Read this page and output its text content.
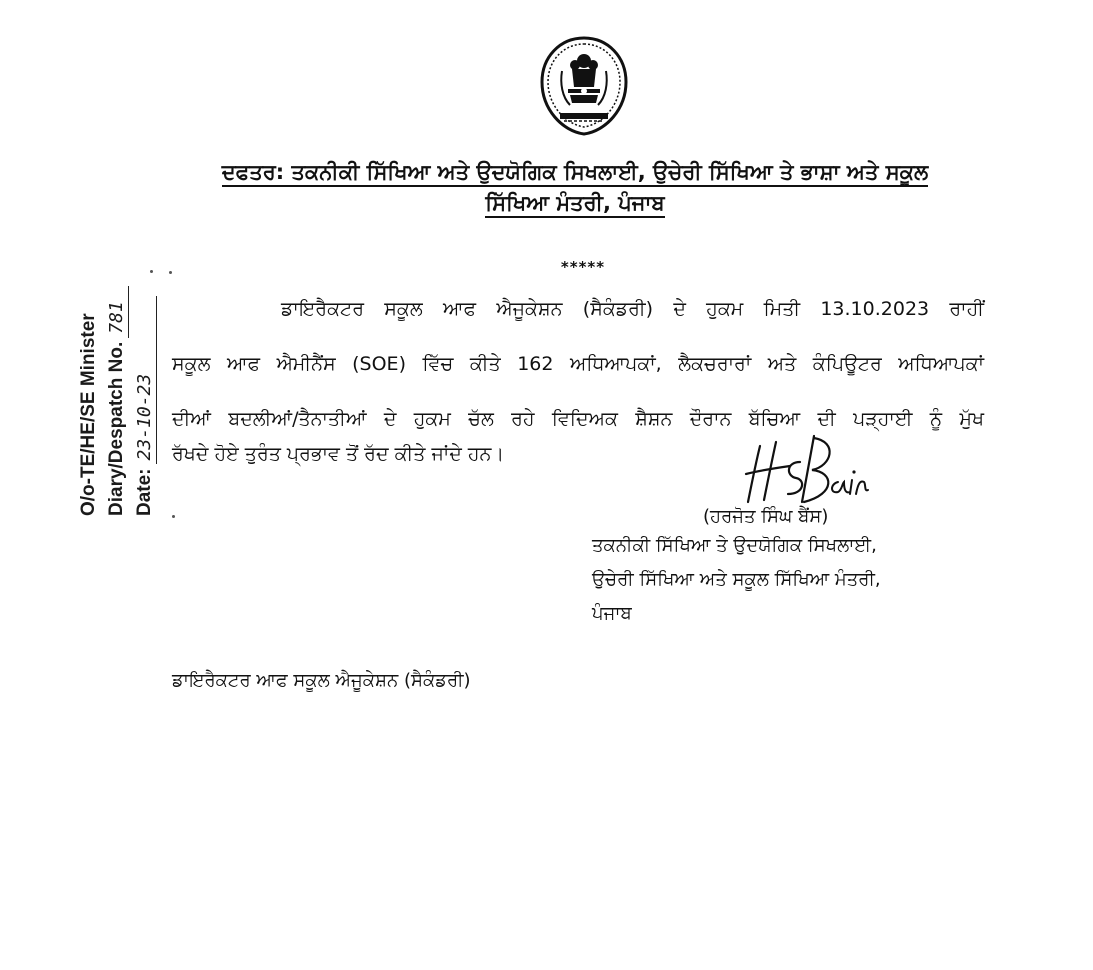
ਦਫਤਰ: ਤਕਨੀਕੀ ਸਿੱਖਿਆ ਅਤੇ ਉਦਯੋਗਿਕ ਸਿਖਲਾਈ, ਉਚੇਰੀ ਸਿੱਖਿਆ ਤੇ ਭਾਸ਼ਾ ਅਤੇ ਸਕੂਲ
ਸਿੱਖਿਆ ਮੰਤਰੀ, ਪੰਜਾਬ
*****
O/o-TE/HE/SE Minister Diary/Despatch No.781
Date:23-10-23
ਡਾਇਰੈਕਟਰ ਸਕੂਲ ਆਫ ਐਜੂਕੇਸ਼ਨ (ਸੈਕੰਡਰੀ) ਦੇ ਹੁਕਮ ਮਿਤੀ 13.10.2023 ਰਾਹੀਂ
ਸਕੂਲ ਆਫ ਐਮੀਨੈਂਸ (SOE) ਵਿੱਚ ਕੀਤੇ 162 ਅਧਿਆਪਕਾਂ, ਲੈਕਚਰਾਰਾਂ ਅਤੇ ਕੰਪਿਊਟਰ ਅਧਿਆਪਕਾਂ
ਦੀਆਂ ਬਦਲੀਆਂ/ਤੈਨਾਤੀਆਂ ਦੇ ਹੁਕਮ ਚੱਲ ਰਹੇ ਵਿਦਿਅਕ ਸ਼ੈਸ਼ਨ ਦੌਰਾਨ ਬੱਚਿਆ ਦੀ ਪੜ੍ਹਾਈ ਨੂੰ ਮੁੱਖ
ਰੱਖਦੇ ਹੋਏ ਤੁਰੰਤ ਪ੍ਰਭਾਵ ਤੋਂ ਰੱਦ ਕੀਤੇ ਜਾਂਦੇ ਹਨ।
(ਹਰਜੋਤ ਸਿੰਘ ਬੈਂਸ)
ਤਕਨੀਕੀ ਸਿੱਖਿਆ ਤੇ ਉਦਯੋਗਿਕ ਸਿਖਲਾਈ,
ਉਚੇਰੀ ਸਿੱਖਿਆ ਅਤੇ ਸਕੂਲ ਸਿੱਖਿਆ ਮੰਤਰੀ,
ਪੰਜਾਬ
ਡਾਇਰੈਕਟਰ ਆਫ ਸਕੂਲ ਐਜੂਕੇਸ਼ਨ (ਸੈਕੰਡਰੀ)
